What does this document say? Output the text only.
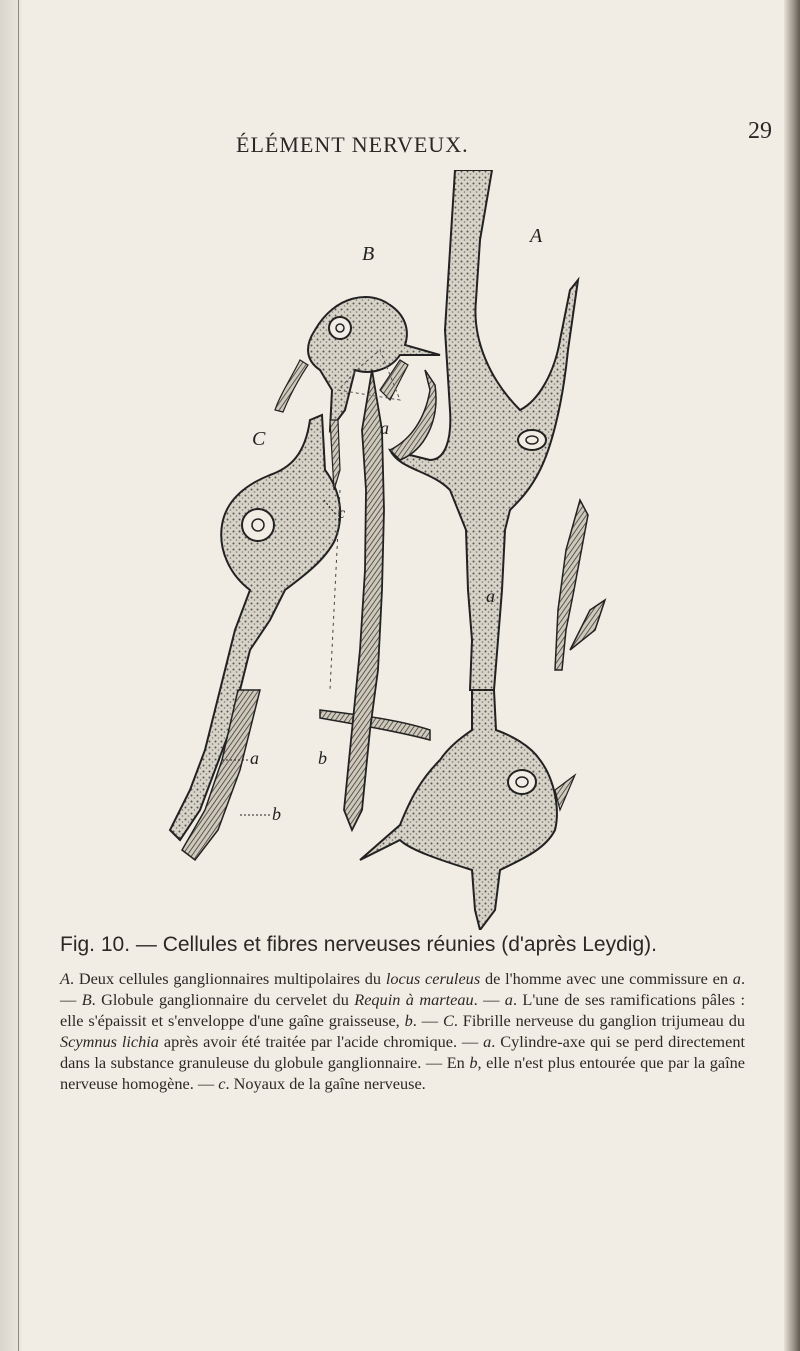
ÉLÉMENT NERVEUX.
29
B
A
C	a
c
a
a	b
b
Fig. 10. — Cellules et fibres nerveuses réunies (d'après Leydig).
A. Deux cellules ganglionnaires multipolaires du locus ceruleus de l'homme avec une commissure en a. — B. Globule ganglionnaire du cervelet du Requin à marteau. — a. L'une de ses ramifications pâles : elle s'épaissit et s'enveloppe d'une gaîne graisseuse, b. — C. Fibrille nerveuse du ganglion trijumeau du Scymnus lichia après avoir été traitée par l'acide chromique. — a. Cylindre-axe qui se perd directement dans la substance granuleuse du globule ganglionnaire. — En b, elle n'est plus entourée que par la gaîne nerveuse homogène. — c. Noyaux de la gaîne nerveuse.
